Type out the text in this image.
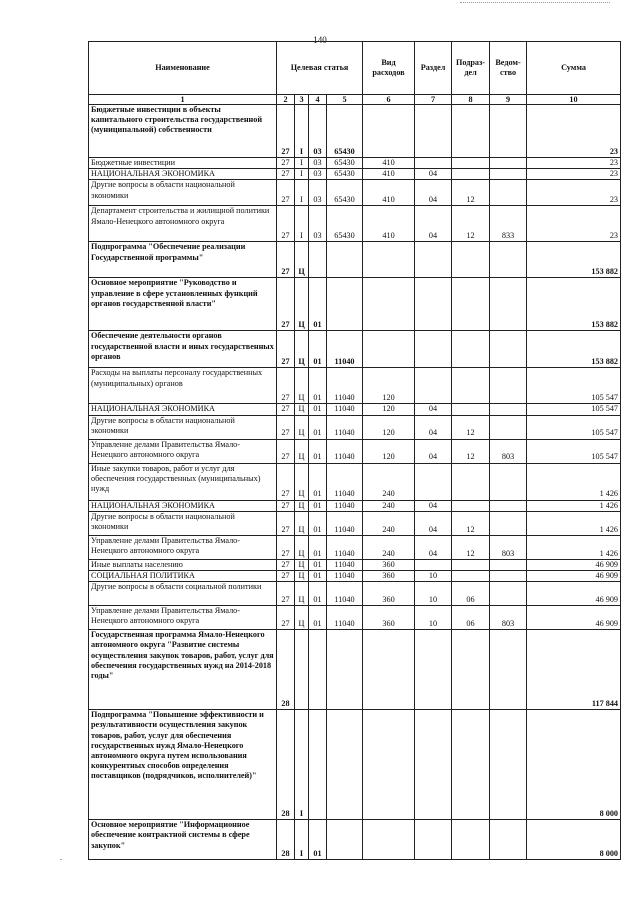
140
Наименование	Целевая статья				Вид расходов	Раздел	Подраз-дел	Ведом-ство	Сумма
1	2	3	4	5	6	7	8	9	10
Бюджетные инвестиции в объекты капитального строительства государственной (муниципальной) собственности	27	I	03	65430					23
Бюджетные инвестиции	27	I	03	65430	410				23
НАЦИОНАЛЬНАЯ ЭКОНОМИКА	27	I	03	65430	410	04			23
Другие вопросы в области национальной экономики	27	I	03	65430	410	04	12		23
Департамент строительства и жилищной политики Ямало-Ненецкого автономного округа	27	I	03	65430	410	04	12	833	23
Подпрограмма "Обеспечение реализации Государственной программы"	27	Ц							153 882
Основное мероприятие "Руководство и управление в сфере установленных функций органов государственной власти"	27	Ц	01						153 882
Обеспечение деятельности органов государственной власти и иных государственных органов	27	Ц	01	11040					153 882
Расходы на выплаты персоналу государственных (муниципальных) органов	27	Ц	01	11040	120				105 547
НАЦИОНАЛЬНАЯ ЭКОНОМИКА	27	Ц	01	11040	120	04			105 547
Другие вопросы в области национальной экономики	27	Ц	01	11040	120	04	12		105 547
Управление делами Правительства Ямало-Ненецкого автономного округа	27	Ц	01	11040	120	04	12	803	105 547
Иные закупки товаров, работ и услуг для обеспечения государственных (муниципальных) нужд	27	Ц	01	11040	240				1 426
НАЦИОНАЛЬНАЯ ЭКОНОМИКА	27	Ц	01	11040	240	04			1 426
Другие вопросы в области национальной экономики	27	Ц	01	11040	240	04	12		1 426
Управление делами Правительства Ямало-Ненецкого автономного округа	27	Ц	01	11040	240	04	12	803	1 426
Иные выплаты населению	27	Ц	01	11040	360				46 909
СОЦИАЛЬНАЯ ПОЛИТИКА	27	Ц	01	11040	360	10			46 909
Другие вопросы в области социальной политики	27	Ц	01	11040	360	10	06		46 909
Управление делами Правительства Ямало-Ненецкого автономного округа	27	Ц	01	11040	360	10	06	803	46 909
Государственная программа Ямало-Ненецкого автономного округа "Развитие системы осуществления закупок товаров, работ, услуг для обеспечения государственных нужд на 2014-2018 годы"	28								117 844
Подпрограмма "Повышение эффективности и результативности осуществления закупок товаров, работ, услуг для обеспечения государственных нужд Ямало-Ненецкого автономного округа путем использования конкурентных способов определения поставщиков (подрядчиков, исполнителей)"	28	I							8 000
Основное мероприятие "Информационное обеспечение контрактной системы в сфере закупок"	28	I	01						8 000
.
